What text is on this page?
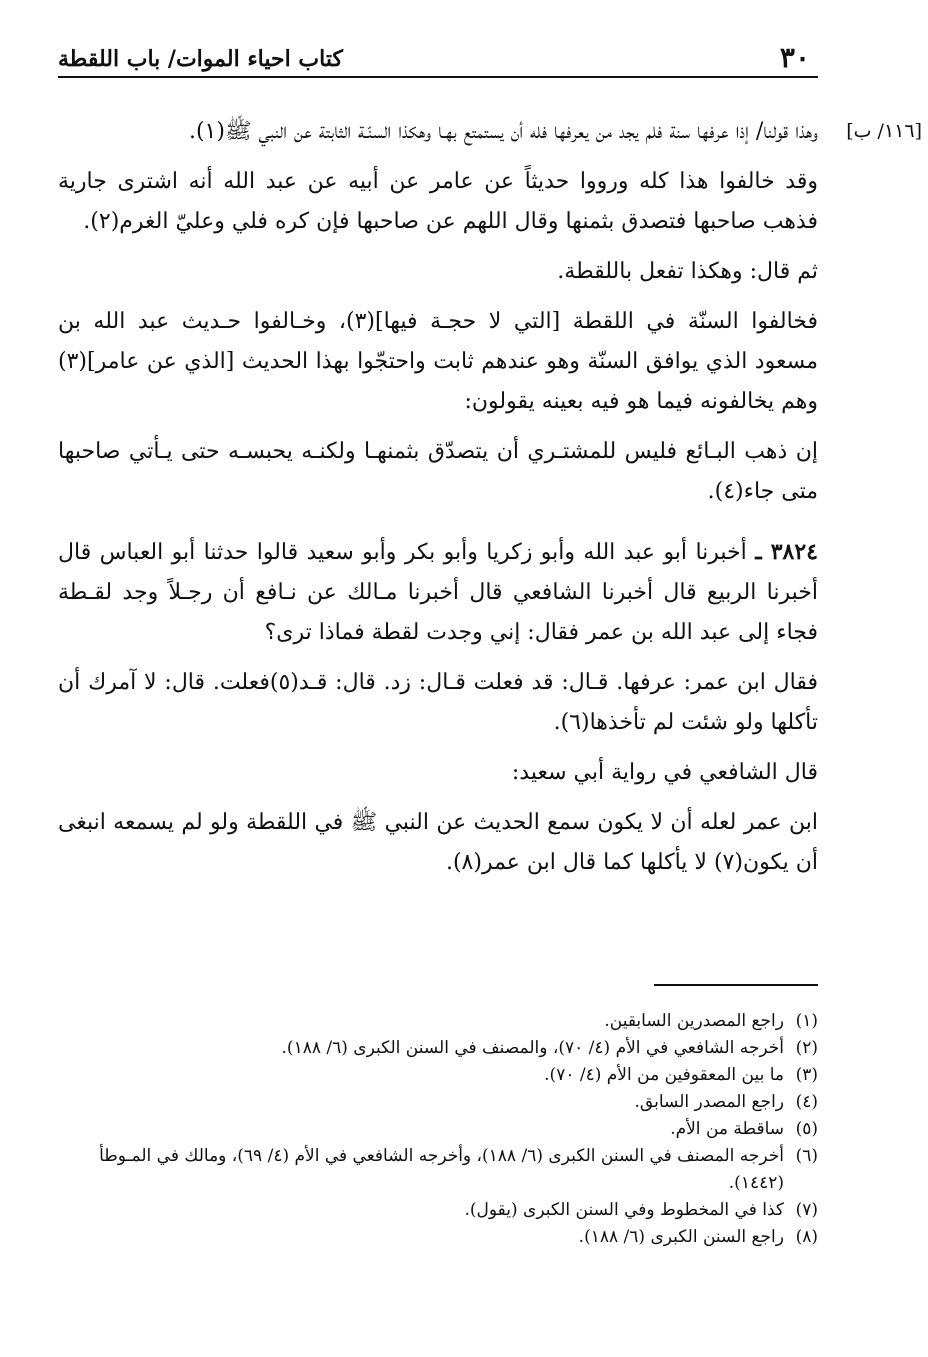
٣٠
كتاب احياء الموات/ باب اللقطة
[١١٦/ ب]

وهذا قولنا/ إذا عرفها سنة فلم يجد من يعرفها فله أن يستمتع بهـا وهكذا السنّـة الثابتة عن النبي ﷺ(١).

وقد خالفوا هذا كله ورووا حديثاً عن عامر عن أبيه عن عبد الله أنه اشترى جارية فذهب صاحبها فتصدق بثمنها وقال اللهم عن صاحبها فإن كره فلي وعليّ الغرم(٢).

ثم قال: وهكذا تفعل باللقطة.

فخالفوا السنّة في اللقطة [التي لا حجـة فيها](٣)، وخـالفوا حـديث عبد الله بن مسعود الذي يوافق السنّة وهو عندهم ثابت واحتجّوا بهذا الحديث [الذي عن عامر](٣) وهم يخالفونه فيما هو فيه بعينه يقولون:

إن ذهب البـائع فليس للمشتـري أن يتصدّق بثمنهـا ولكنـه يحبسـه حتى يـأتي صاحبها متى جاء(٤).

٣٨٢٤ ـ أخبرنا أبو عبد الله وأبو زكريا وأبو بكر وأبو سعيد قالوا حدثنا أبو العباس قال أخبرنا الربيع قال أخبرنا الشافعي قال أخبرنا مـالك عن نـافع أن رجـلاً وجد لقـطة فجاء إلى عبد الله بن عمر فقال: إني وجدت لقطة فماذا ترى؟

فقال ابن عمر: عرفها. قـال: قد فعلت قـال: زد. قال: قـد(٥)فعلت. قال: لا آمرك أن تأكلها ولو شئت لم تأخذها(٦).

قال الشافعي في رواية أبي سعيد:

ابن عمر لعله أن لا يكون سمع الحديث عن النبي ﷺ في اللقطة ولو لم يسمعه انبغى أن يكون(٧) لا يأكلها كما قال ابن عمر(٨).

(١)
راجع المصدرين السابقين.

(٢)
أخرجه الشافعي في الأم (٤/ ٧٠)، والمصنف في السنن الكبرى (٦/ ١٨٨).

(٣)
ما بين المعقوفين من الأم (٤/ ٧٠).

(٤)
راجع المصدر السابق.

(٥)
ساقطة من الأم.

(٦)
أخرجه المصنف في السنن الكبرى (٦/ ١٨٨)، وأخرجه الشافعي في الأم (٤/ ٦٩)، ومالك في المـوطأ (١٤٤٢).

(٧)
كذا في المخطوط وفي السنن الكبرى (يقول).

(٨)
راجع السنن الكبرى (٦/ ١٨٨).
